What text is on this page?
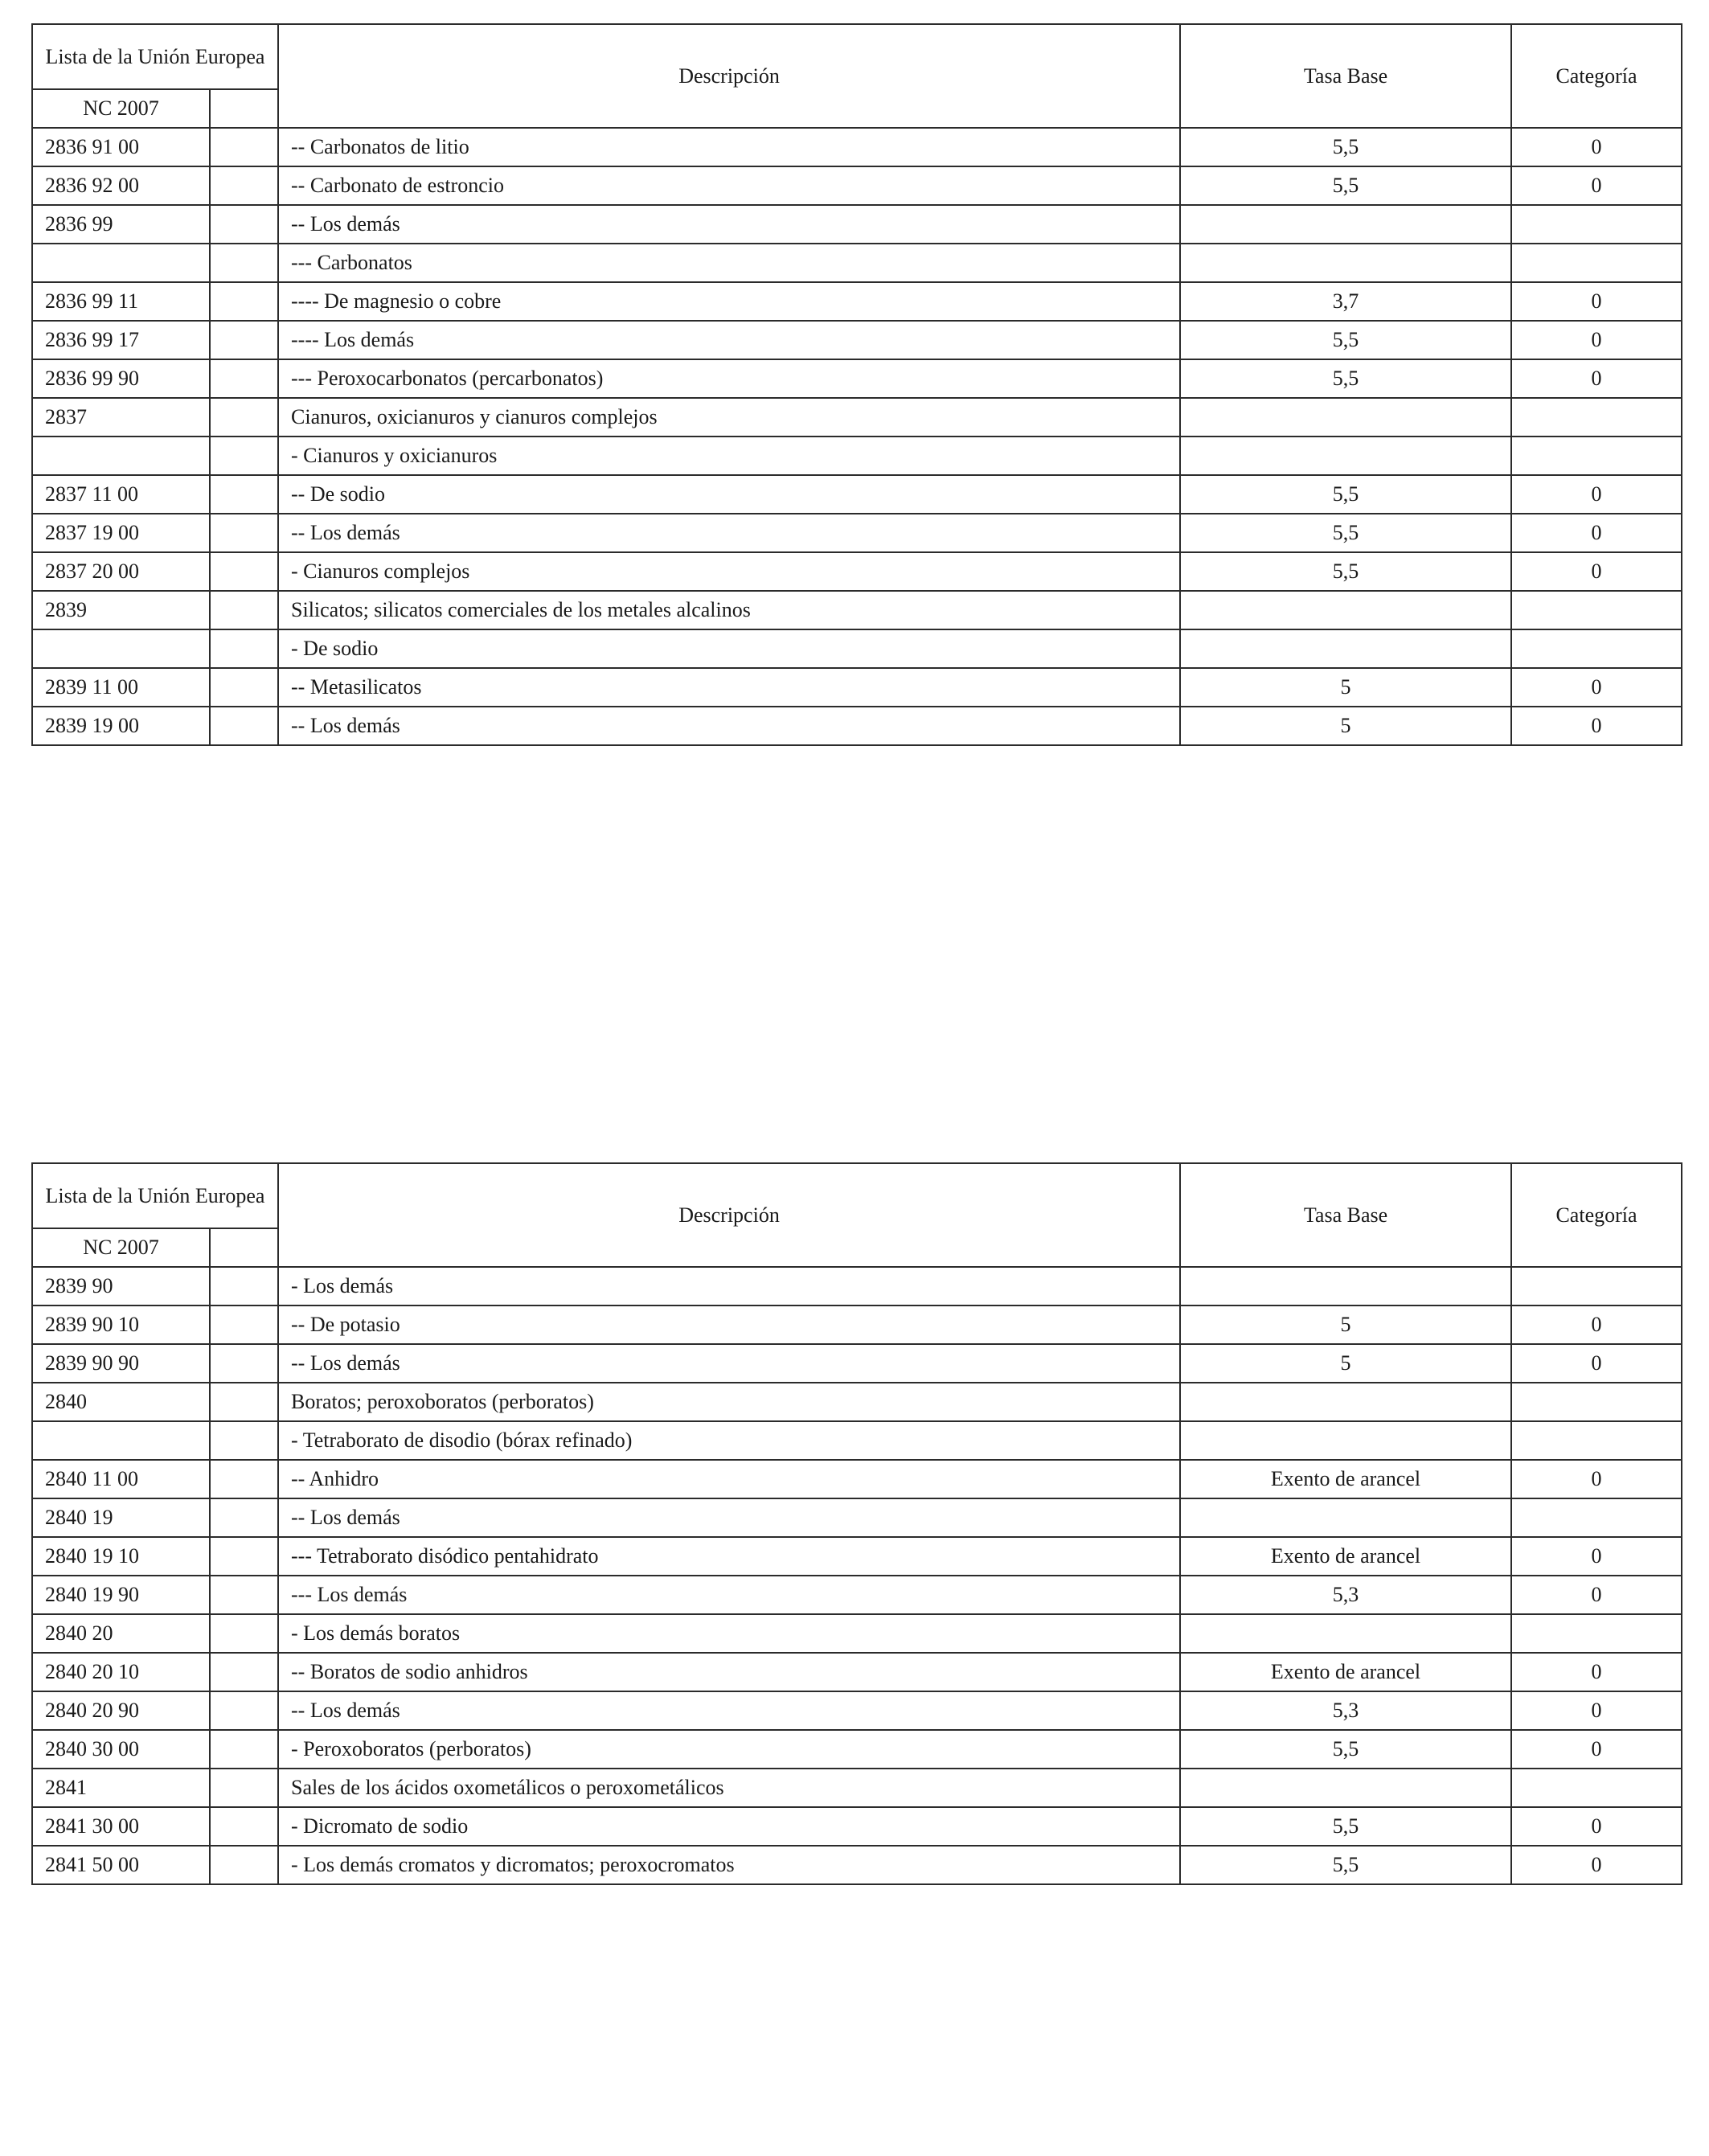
Lista de la Unión Europea		Descripción	Tasa Base	Categoría
NC 2007				
2836 91 00		-- Carbonatos de litio	5,5	0
2836 92 00		-- Carbonato de estroncio	5,5	0
2836 99		-- Los demás		
		--- Carbonatos		
2836 99 11		---- De magnesio o cobre	3,7	0
2836 99 17		---- Los demás	5,5	0
2836 99 90		--- Peroxocarbonatos (percarbonatos)	5,5	0
2837		Cianuros, oxicianuros y cianuros complejos		
		- Cianuros y oxicianuros		
2837 11 00		-- De sodio	5,5	0
2837 19 00		-- Los demás	5,5	0
2837 20 00		- Cianuros complejos	5,5	0
2839		Silicatos; silicatos comerciales de los metales alcalinos		
		- De sodio		
2839 11 00		-- Metasilicatos	5	0
2839 19 00		-- Los demás	5	0
Lista de la Unión Europea		Descripción	Tasa Base	Categoría
NC 2007				
2839 90		- Los demás		
2839 90 10		-- De potasio	5	0
2839 90 90		-- Los demás	5	0
2840		Boratos; peroxoboratos (perboratos)		
		- Tetraborato de disodio (bórax refinado)		
2840 11 00		-- Anhidro	Exento de arancel	0
2840 19		-- Los demás		
2840 19 10		--- Tetraborato disódico pentahidrato	Exento de arancel	0
2840 19 90		--- Los demás	5,3	0
2840 20		- Los demás boratos		
2840 20 10		-- Boratos de sodio anhidros	Exento de arancel	0
2840 20 90		-- Los demás	5,3	0
2840 30 00		- Peroxoboratos (perboratos)	5,5	0
2841		Sales de los ácidos oxometálicos o peroxometálicos		
2841 30 00		- Dicromato de sodio	5,5	0
2841 50 00		- Los demás cromatos y dicromatos; peroxocromatos	5,5	0
